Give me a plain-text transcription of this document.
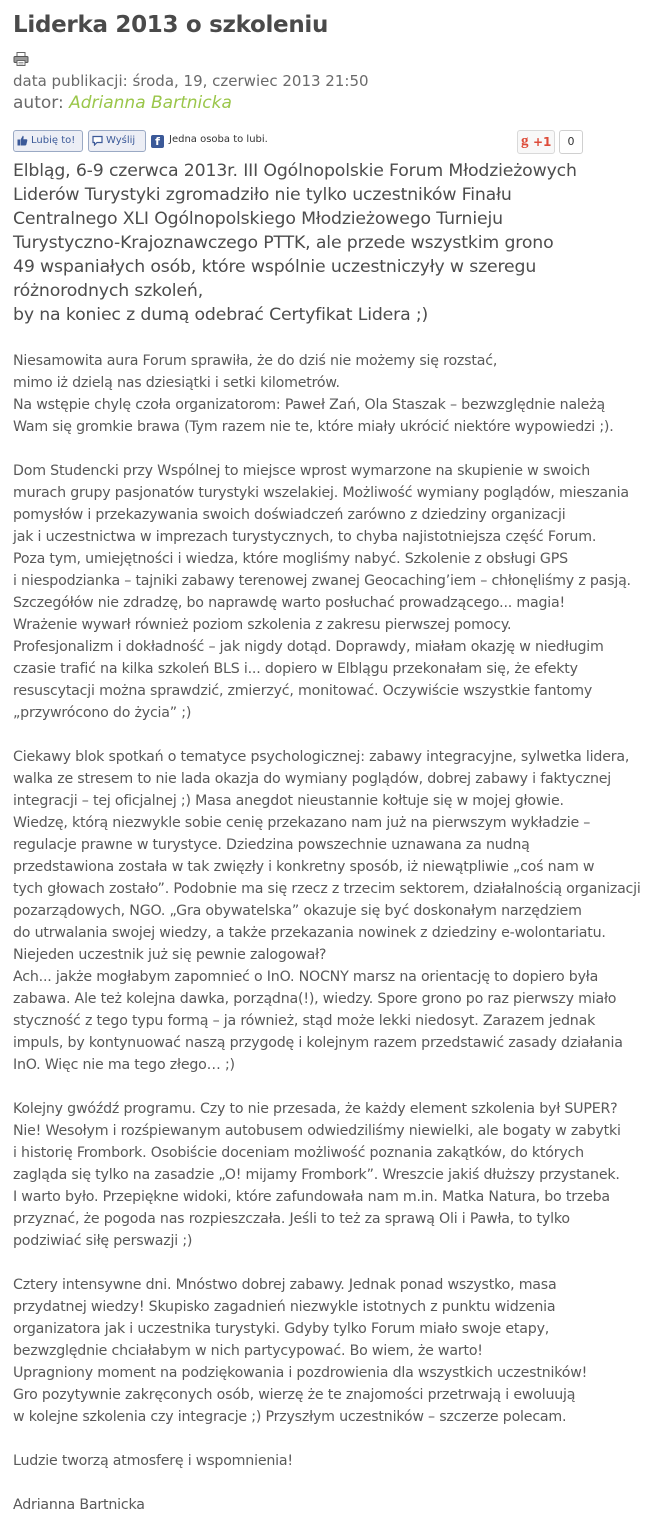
Liderka 2013 o szkoleniu
data publikacji: środa, 19, czerwiec 2013 21:50
autor: Adrianna Bartnicka
Lubię to!	Wyślij	f Jedna osoba to lubi.	g +1	0
Elbląg, 6-9 czerwca 2013r. III Ogólnopolskie Forum Młodzieżowych
Liderów Turystyki zgromadziło nie tylko uczestników Finału
Centralnego XLI Ogólnopolskiego Młodzieżowego Turnieju
Turystyczno-Krajoznawczego PTTK, ale przede wszystkim grono
49 wspaniałych osób, które wspólnie uczestniczyły w szeregu
różnorodnych szkoleń,
by na koniec z dumą odebrać Certyfikat Lidera ;)

Niesamowita aura Forum sprawiła, że do dziś nie możemy się rozstać,
mimo iż dzielą nas dziesiątki i setki kilometrów.
Na wstępie chylę czoła organizatorom: Paweł Zań, Ola Staszak – bezwzględnie należą
Wam się gromkie brawa (Tym razem nie te, które miały ukrócić niektóre wypowiedzi ;).

Dom Studencki przy Wspólnej to miejsce wprost wymarzone na skupienie w swoich
murach grupy pasjonatów turystyki wszelakiej. Możliwość wymiany poglądów, mieszania
pomysłów i przekazywania swoich doświadczeń zarówno z dziedziny organizacji
jak i uczestnictwa w imprezach turystycznych, to chyba najistotniejsza część Forum.
Poza tym, umiejętności i wiedza, które mogliśmy nabyć. Szkolenie z obsługi GPS
i niespodzianka – tajniki zabawy terenowej zwanej Geocaching’iem – chłonęliśmy z pasją.
Szczegółów nie zdradzę, bo naprawdę warto posłuchać prowadzącego... magia!
Wrażenie wywarł również poziom szkolenia z zakresu pierwszej pomocy.
Profesjonalizm i dokładność – jak nigdy dotąd. Doprawdy, miałam okazję w niedługim
czasie trafić na kilka szkoleń BLS i... dopiero w Elblągu przekonałam się, że efekty
resuscytacji można sprawdzić, zmierzyć, monitować. Oczywiście wszystkie fantomy
„przywrócono do życia” ;)

Ciekawy blok spotkań o tematyce psychologicznej: zabawy integracyjne, sylwetka lidera,
walka ze stresem to nie lada okazja do wymiany poglądów, dobrej zabawy i faktycznej
integracji – tej oficjalnej ;) Masa anegdot nieustannie kołtuje się w mojej głowie.
Wiedzę, którą niezwykle sobie cenię przekazano nam już na pierwszym wykładzie –
regulacje prawne w turystyce. Dziedzina powszechnie uznawana za nudną
przedstawiona została w tak zwięzły i konkretny sposób, iż niewątpliwie „coś nam w
tych głowach zostało”. Podobnie ma się rzecz z trzecim sektorem, działalnością organizacji
pozarządowych, NGO. „Gra obywatelska” okazuje się być doskonałym narzędziem
do utrwalania swojej wiedzy, a także przekazania nowinek z dziedziny e-wolontariatu.
Niejeden uczestnik już się pewnie zalogował?
Ach... jakże mogłabym zapomnieć o InO. NOCNY marsz na orientację to dopiero była
zabawa. Ale też kolejna dawka, porządna(!), wiedzy. Spore grono po raz pierwszy miało
styczność z tego typu formą – ja również, stąd może lekki niedosyt. Zarazem jednak
impuls, by kontynuować naszą przygodę i kolejnym razem przedstawić zasady działania
InO. Więc nie ma tego złego… ;)

Kolejny gwóźdź programu. Czy to nie przesada, że każdy element szkolenia był SUPER?
Nie! Wesołym i rozśpiewanym autobusem odwiedziliśmy niewielki, ale bogaty w zabytki
i historię Frombork. Osobiście doceniam możliwość poznania zakątków, do których
zagląda się tylko na zasadzie „O! mijamy Frombork”. Wreszcie jakiś dłuższy przystanek.
I warto było. Przepiękne widoki, które zafundowała nam m.in. Matka Natura, bo trzeba
przyznać, że pogoda nas rozpieszczała. Jeśli to też za sprawą Oli i Pawła, to tylko
podziwiać siłę perswazji ;)

Cztery intensywne dni. Mnóstwo dobrej zabawy. Jednak ponad wszystko, masa
przydatnej wiedzy! Skupisko zagadnień niezwykle istotnych z punktu widzenia
organizatora jak i uczestnika turystyki. Gdyby tylko Forum miało swoje etapy,
bezwzględnie chciałabym w nich partycypować. Bo wiem, że warto!
Upragniony moment na podziękowania i pozdrowienia dla wszystkich uczestników!
Gro pozytywnie zakręconych osób, wierzę że te znajomości przetrwają i ewoluują
w kolejne szkolenia czy integracje ;) Przyszłym uczestników – szczerze polecam.

Ludzie tworzą atmosferę i wspomnienia!

Adrianna Bartnicka
